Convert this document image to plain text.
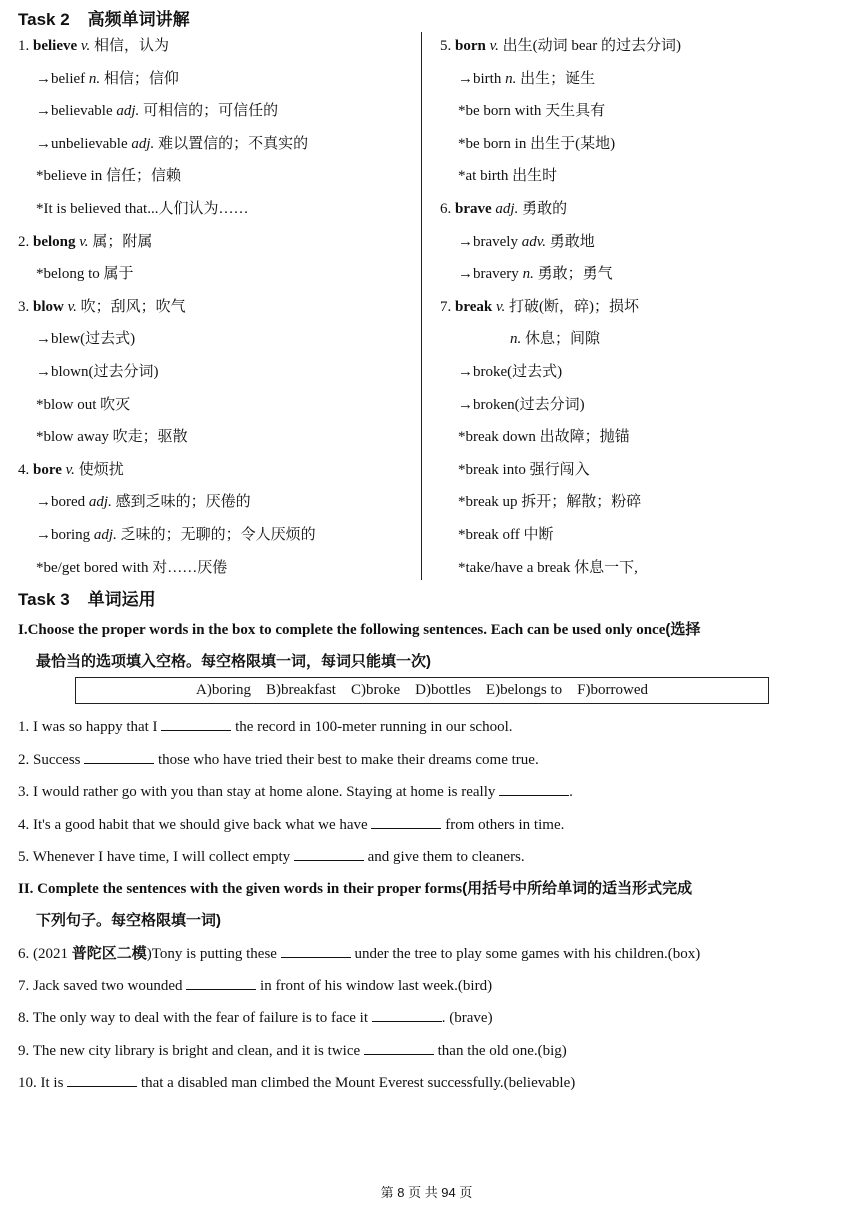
Task 2 高频单词讲解
1. believe v. 相信，认为
→belief n. 相信；信仰
→believable adj. 可相信的；可信任的
→unbelievable adj. 难以置信的；不真实的
*believe in 信任；信赖
*It is believed that...人们认为……
2. belong v. 属；附属
*belong to 属于
3. blow v. 吹；刮风；吹气
→blew(过去式)
→blown(过去分词)
*blow out 吹灭
*blow away 吹走；驱散
4. bore v. 使烦扰
→bored adj. 感到乏味的；厌倦的
→boring adj. 乏味的；无聊的；令人厌烦的
*be/get bored with 对……厌倦
5. born v. 出生(动词 bear 的过去分词)
→birth n. 出生；诞生
*be born with 天生具有
*be born in 出生于(某地)
*at birth 出生时
6. brave adj. 勇敢的
→bravely adv. 勇敢地
→bravery n. 勇敢；勇气
7. break v. 打破(断，碎)；损坏
n. 休息；间隙
→broke(过去式)
→broken(过去分词)
*break down 出故障；抛锚
*break into 强行闯入
*break up 拆开；解散；粉碎
*break off 中断
*take/have a break 休息一下,
Task 3 单词运用
I.Choose the proper words in the box to complete the following sentences. Each can be used only once(选择
最恰当的选项填入空格。每空格限填一词，每词只能填一次)
A)boring    B)breakfast    C)broke    D)bottles    E)belongs to    F)borrowed
1. I was so happy that I	the record in 100-meter running in our school.
2. Success	those who have tried their best to make their dreams come true.
3. I would rather go with you than stay at home alone. Staying at home is really	.
4. It's a good habit that we should give back what we have	from others in time.
5. Whenever I have time, I will collect empty	and give them to cleaners.
II. Complete the sentences with the given words in their proper forms(用括号中所给单词的适当形式完成
下列句子。每空格限填一词)
6. (2021 普陀区二模)Tony is putting these	under the tree to play some games with his children.(box)
7. Jack saved two wounded	in front of his window last week.(bird)
8. The only way to deal with the fear of failure is to face it	. (brave)
9. The new city library is bright and clean, and it is twice	than the old one.(big)
10. It is	that a disabled man climbed the Mount Everest successfully.(believable)
第 8 页 共 94 页
